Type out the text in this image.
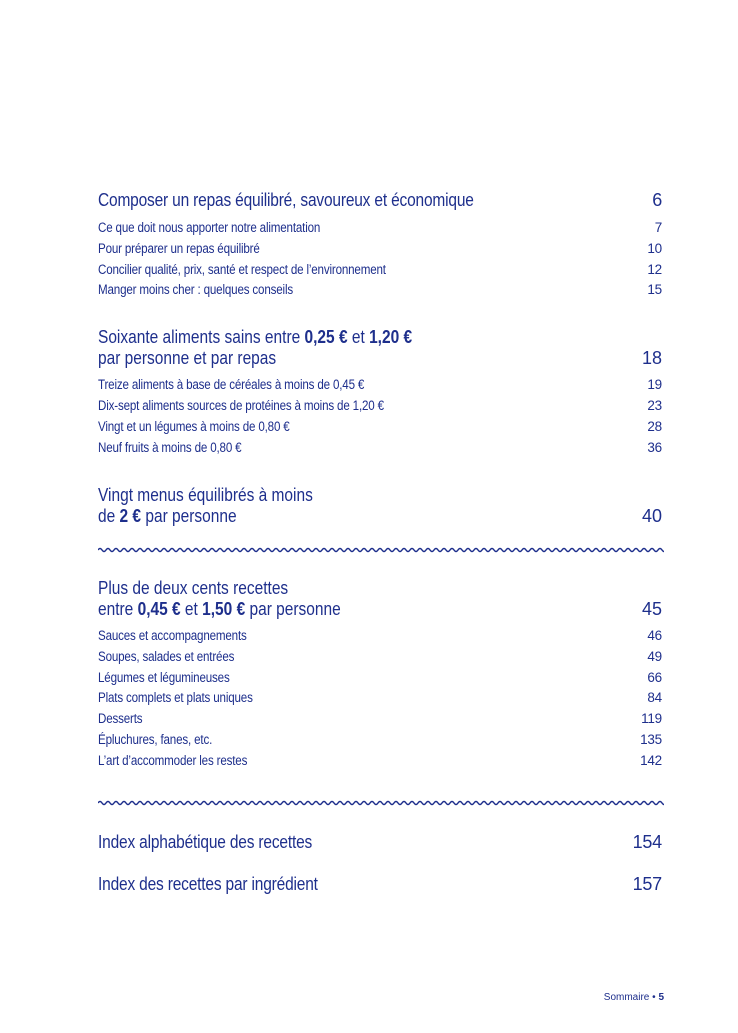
Composer un repas équilibré, savoureux et économique	6
Ce que doit nous apporter notre alimentation	7
Pour préparer un repas équilibré	10
Concilier qualité, prix, santé et respect de l’environnement	12
Manger moins cher : quelques conseils	15
Soixante aliments sains entre 0,25 € et 1,20 €
par personne et par repas	18
Treize aliments à base de céréales à moins de 0,45 €	19
Dix-sept aliments sources de protéines à moins de 1,20 €	23
Vingt et un légumes à moins de 0,80 €	28
Neuf fruits à moins de 0,80 €	36
Vingt menus équilibrés à moins
de 2 € par personne	40
Plus de deux cents recettes
entre 0,45 € et 1,50 € par personne	45
Sauces et accompagnements	46
Soupes, salades et entrées	49
Légumes et légumineuses	66
Plats complets et plats uniques	84
Desserts	119
Épluchures, fanes, etc.	135
L’art d’accommoder les restes	142
Index alphabétique des recettes	154
Index des recettes par ingrédient	157
Sommaire • 5
